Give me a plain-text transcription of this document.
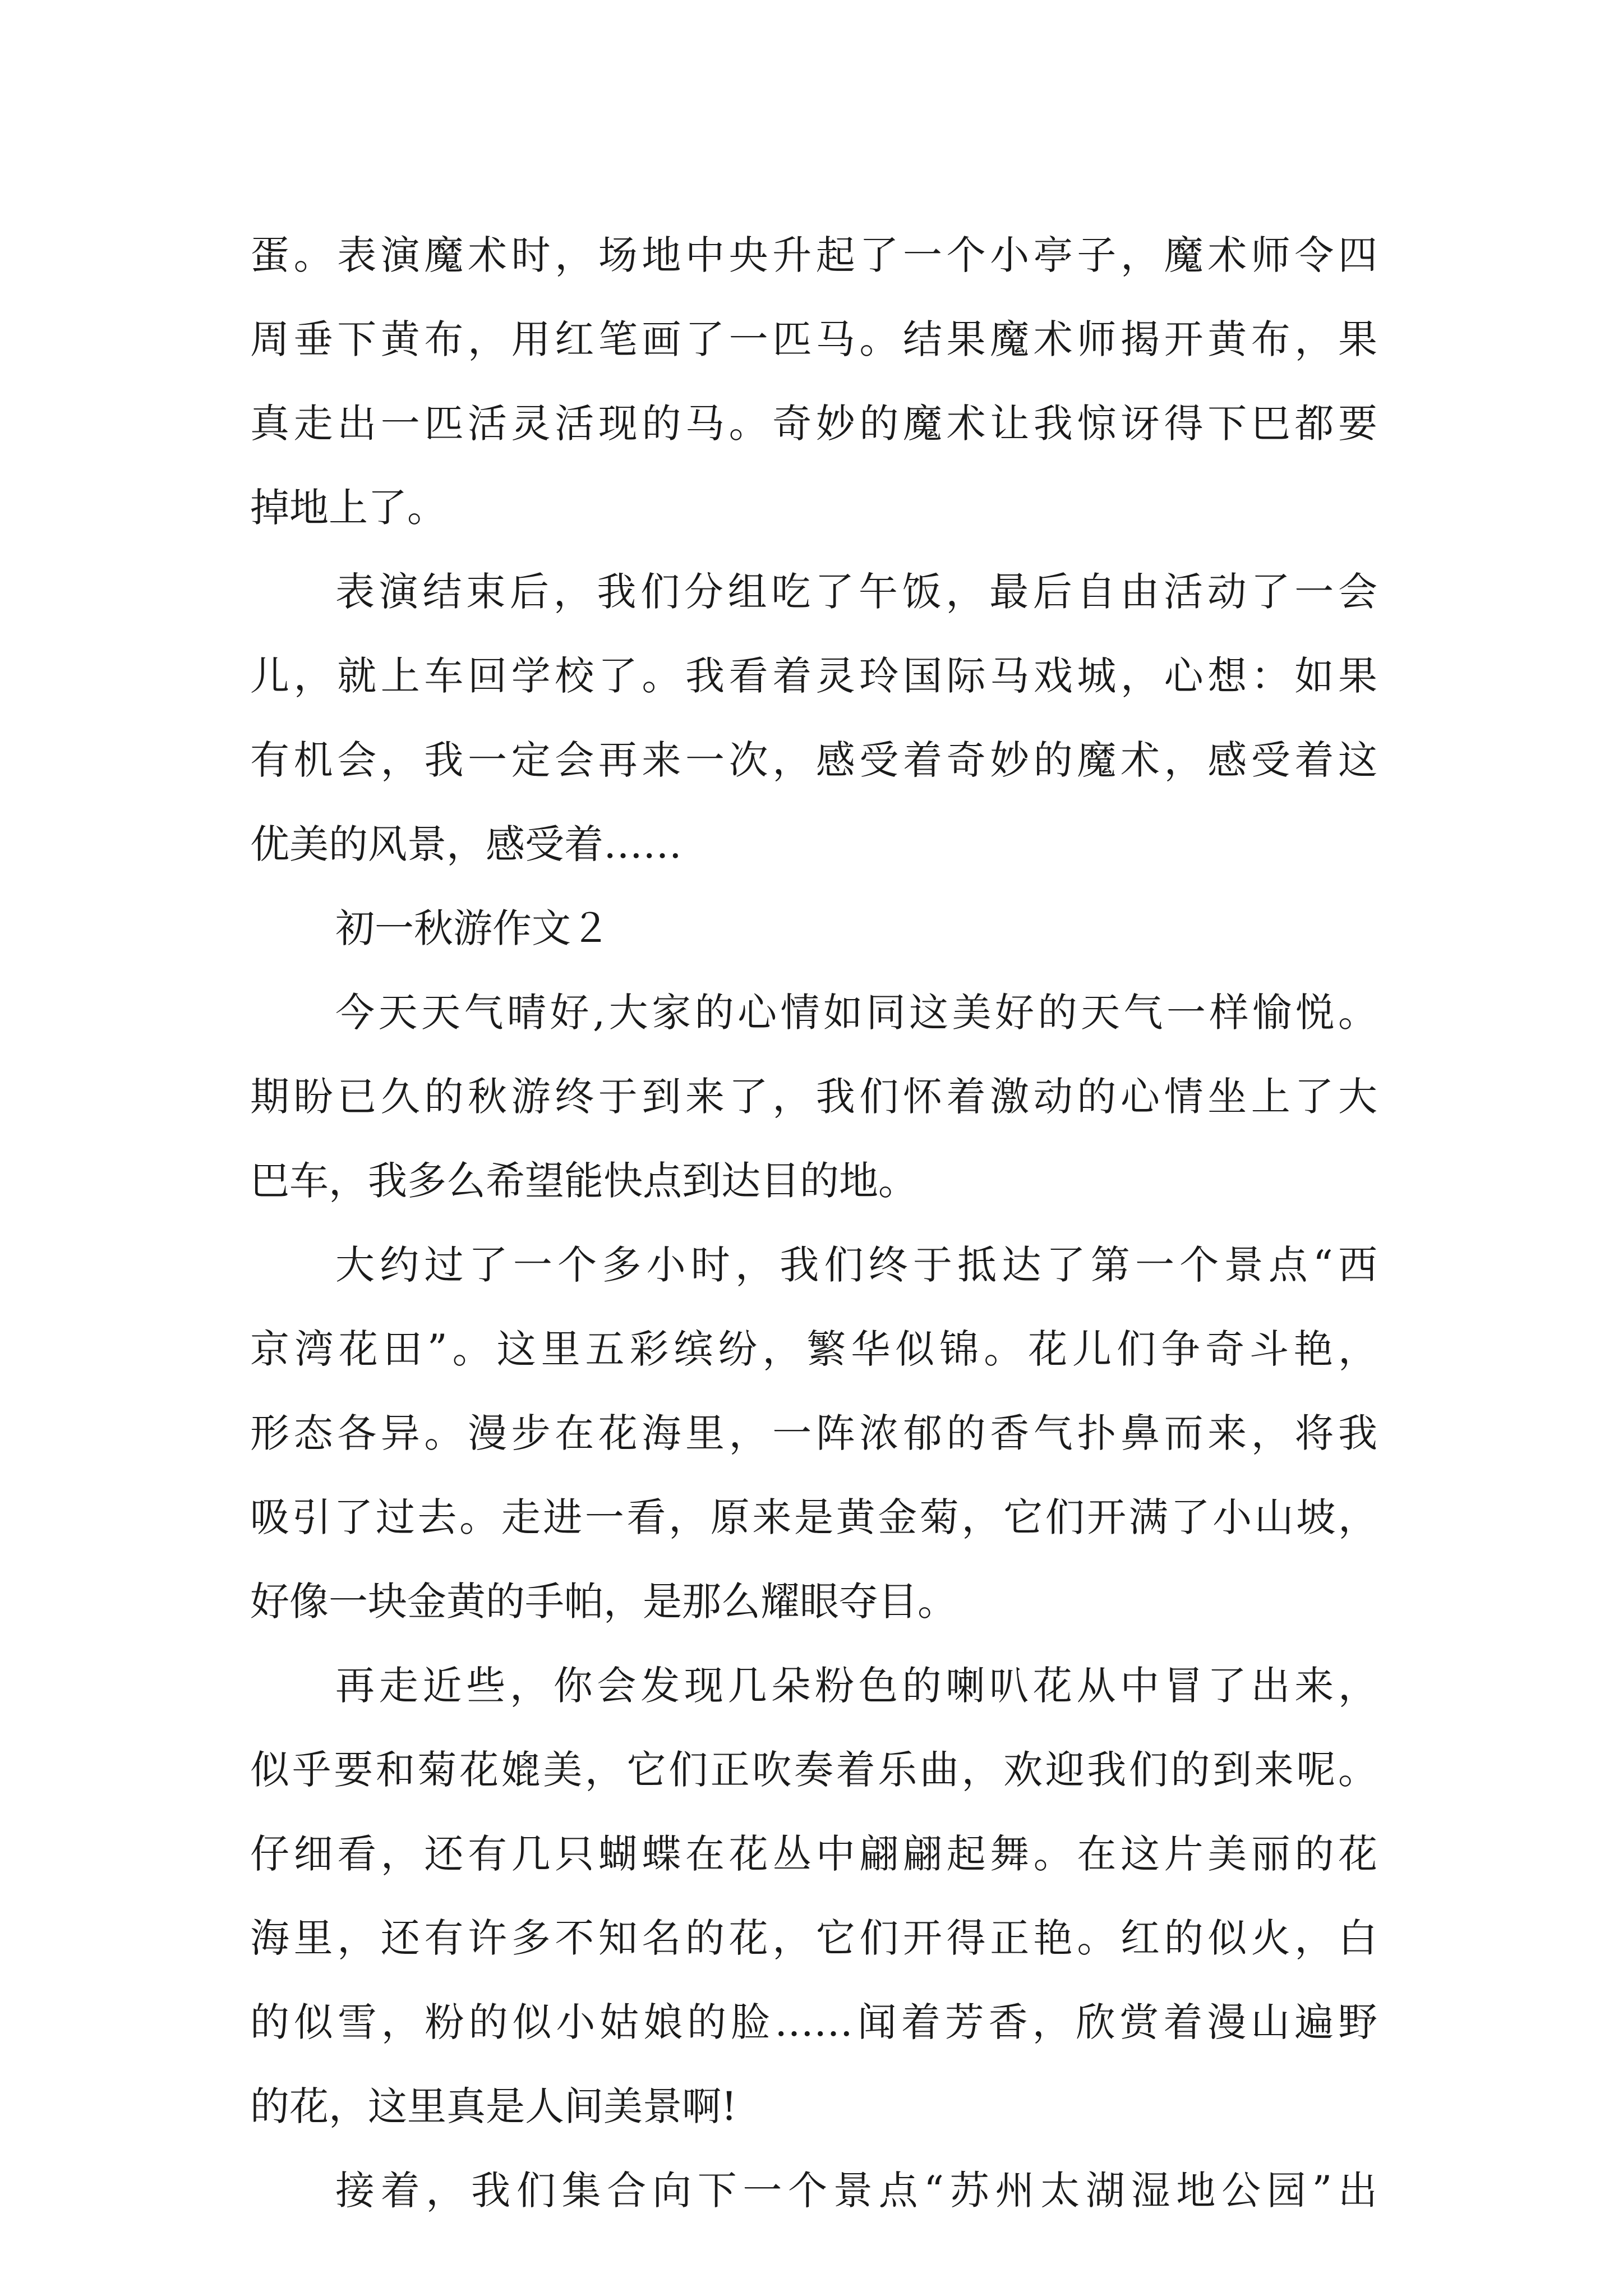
蛋。表演魔术时，场地中央升起了一个小亭子，魔术师令四
周垂下黄布，用红笔画了一匹马。结果魔术师揭开黄布，果
真走出一匹活灵活现的马。奇妙的魔术让我惊讶得下巴都要
掉地上了。
表演结束后，我们分组吃了午饭，最后自由活动了一会
儿，就上车回学校了。我看着灵玲国际马戏城，心想：如果
有机会，我一定会再来一次，感受着奇妙的魔术，感受着这
优美的风景，感受着……
初一秋游作文２
今天天气晴好,大家的心情如同这美好的天气一样愉悦。
期盼已久的秋游终于到来了，我们怀着激动的心情坐上了大
巴车，我多么希望能快点到达目的地。
大约过了一个多小时，我们终于抵达了第一个景点“西
京湾花田”。这里五彩缤纷，繁华似锦。花儿们争奇斗艳，
形态各异。漫步在花海里，一阵浓郁的香气扑鼻而来，将我
吸引了过去。走进一看，原来是黄金菊，它们开满了小山坡，
好像一块金黄的手帕，是那么耀眼夺目。
再走近些，你会发现几朵粉色的喇叭花从中冒了出来，
似乎要和菊花媲美，它们正吹奏着乐曲，欢迎我们的到来呢。
仔细看，还有几只蝴蝶在花丛中翩翩起舞。在这片美丽的花
海里，还有许多不知名的花，它们开得正艳。红的似火，白
的似雪，粉的似小姑娘的脸……闻着芳香，欣赏着漫山遍野
的花，这里真是人间美景啊!
接着，我们集合向下一个景点“苏州太湖湿地公园”出
